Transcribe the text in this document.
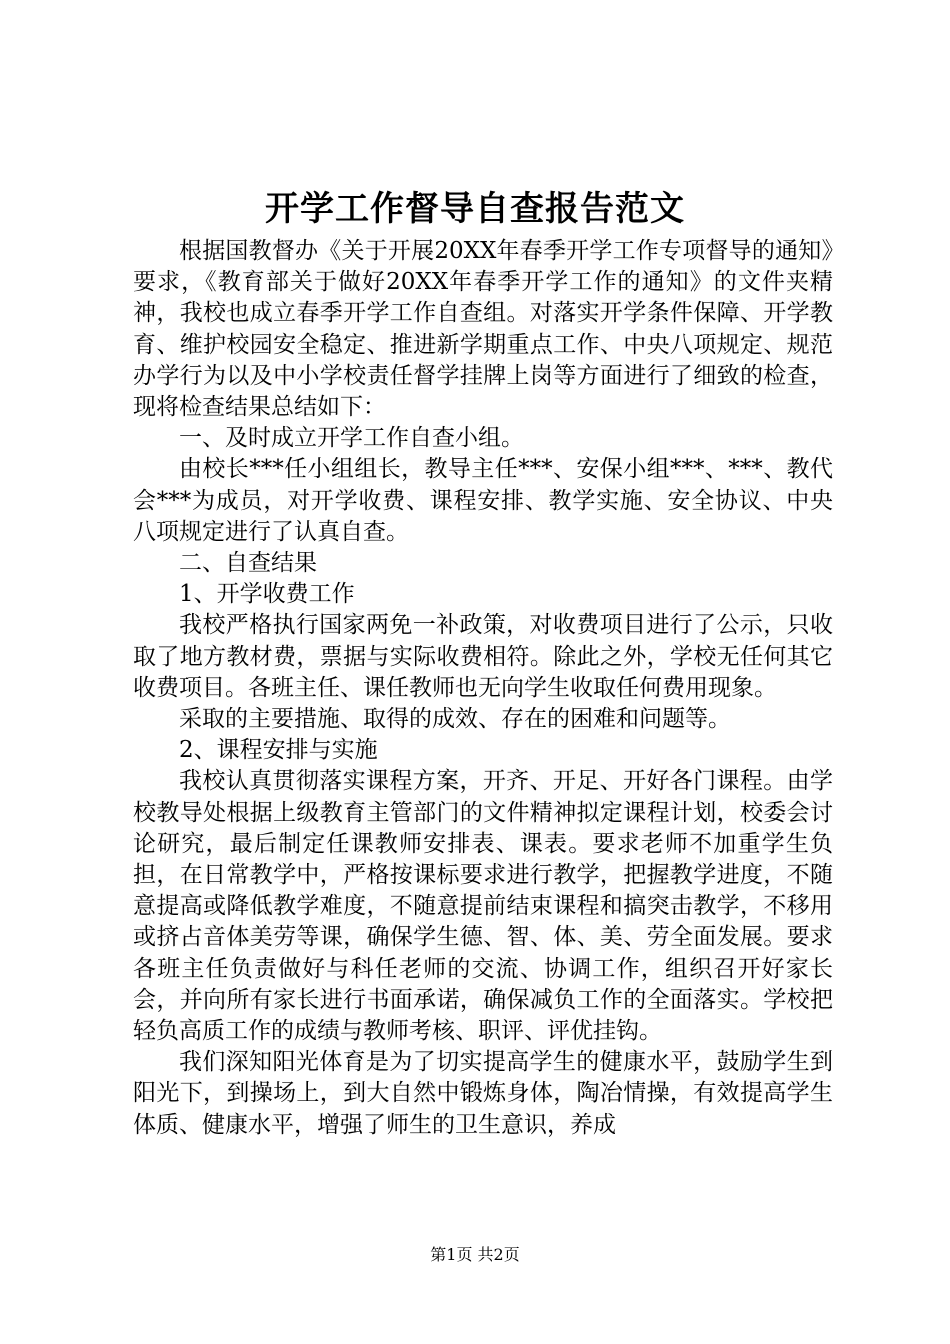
开学工作督导自查报告范文

根据国教督办《关于开展20XX年春季开学工作专项督导的通知》要求，《教育部关于做好20XX年春季开学工作的通知》的文件夹精神，我校也成立春季开学工作自查组。对落实开学条件保障、开学教育、维护校园安全稳定、推进新学期重点工作、中央八项规定、规范办学行为以及中小学校责任督学挂牌上岗等方面进行了细致的检查，现将检查结果总结如下：

一、及时成立开学工作自查小组。

由校长***任小组组长，教导主任***、安保小组***、***、教代会***为成员，对开学收费、课程安排、教学实施、安全协议、中央八项规定进行了认真自查。

二、自查结果

1、开学收费工作

我校严格执行国家两免一补政策，对收费项目进行了公示，只收取了地方教材费，票据与实际收费相符。除此之外，学校无任何其它收费项目。各班主任、课任教师也无向学生收取任何费用现象。

采取的主要措施、取得的成效、存在的困难和问题等。

2、课程安排与实施

我校认真贯彻落实课程方案，开齐、开足、开好各门课程。由学校教导处根据上级教育主管部门的文件精神拟定课程计划，校委会讨论研究，最后制定任课教师安排表、课表。要求老师不加重学生负担，在日常教学中，严格按课标要求进行教学，把握教学进度，不随意提高或降低教学难度，不随意提前结束课程和搞突击教学，不移用或挤占音体美劳等课，确保学生德、智、体、美、劳全面发展。要求各班主任负责做好与科任老师的交流、协调工作，组织召开好家长会，并向所有家长进行书面承诺，确保减负工作的全面落实。学校把轻负高质工作的成绩与教师考核、职评、评优挂钩。

我们深知阳光体育是为了切实提高学生的健康水平，鼓励学生到阳光下，到操场上，到大自然中锻炼身体，陶冶情操，有效提高学生体质、健康水平，增强了师生的卫生意识，养成

第1页 共2页
